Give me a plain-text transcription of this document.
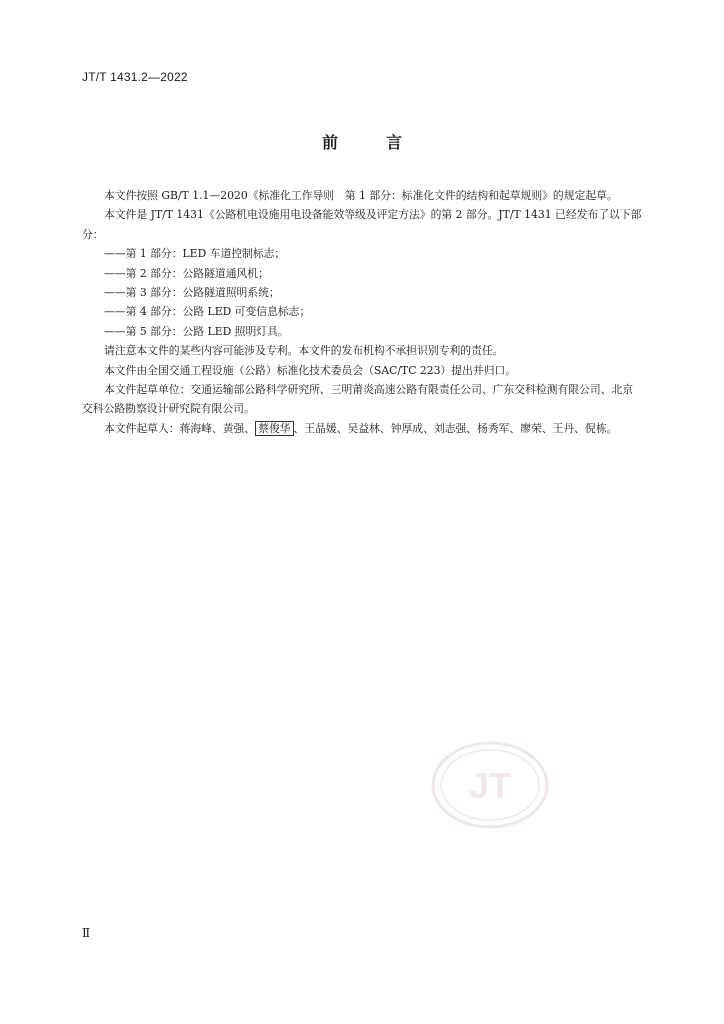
JT/T 1431.2—2022
前	言

本文件按照 GB/T 1.1—2020《标准化工作导则　第 1 部分：标准化文件的结构和起草规则》的规定起草。

本文件是 JT/T 1431《公路机电设施用电设备能效等级及评定方法》的第 2 部分。JT/T 1431 已经发布了以下部分：

——第 1 部分：LED 车道控制标志；

——第 2 部分：公路隧道通风机；

——第 3 部分：公路隧道照明系统；

——第 4 部分：公路 LED 可变信息标志；

——第 5 部分：公路 LED 照明灯具。

请注意本文件的某些内容可能涉及专利。本文件的发布机构不承担识别专利的责任。

本文件由全国交通工程设施（公路）标准化技术委员会（SAC/TC 223）提出并归口。

本文件起草单位：交通运输部公路科学研究所、三明莆炎高速公路有限责任公司、广东交科检测有限公司、北京交科公路勘察设计研究院有限公司。

本文件起草人：蒋海峰、黄强、 蔡俊华 、王晶媛、吴益林、钟厚成、刘志强、杨秀军、廖荣、王丹、倪栋。

JT
Ⅱ
